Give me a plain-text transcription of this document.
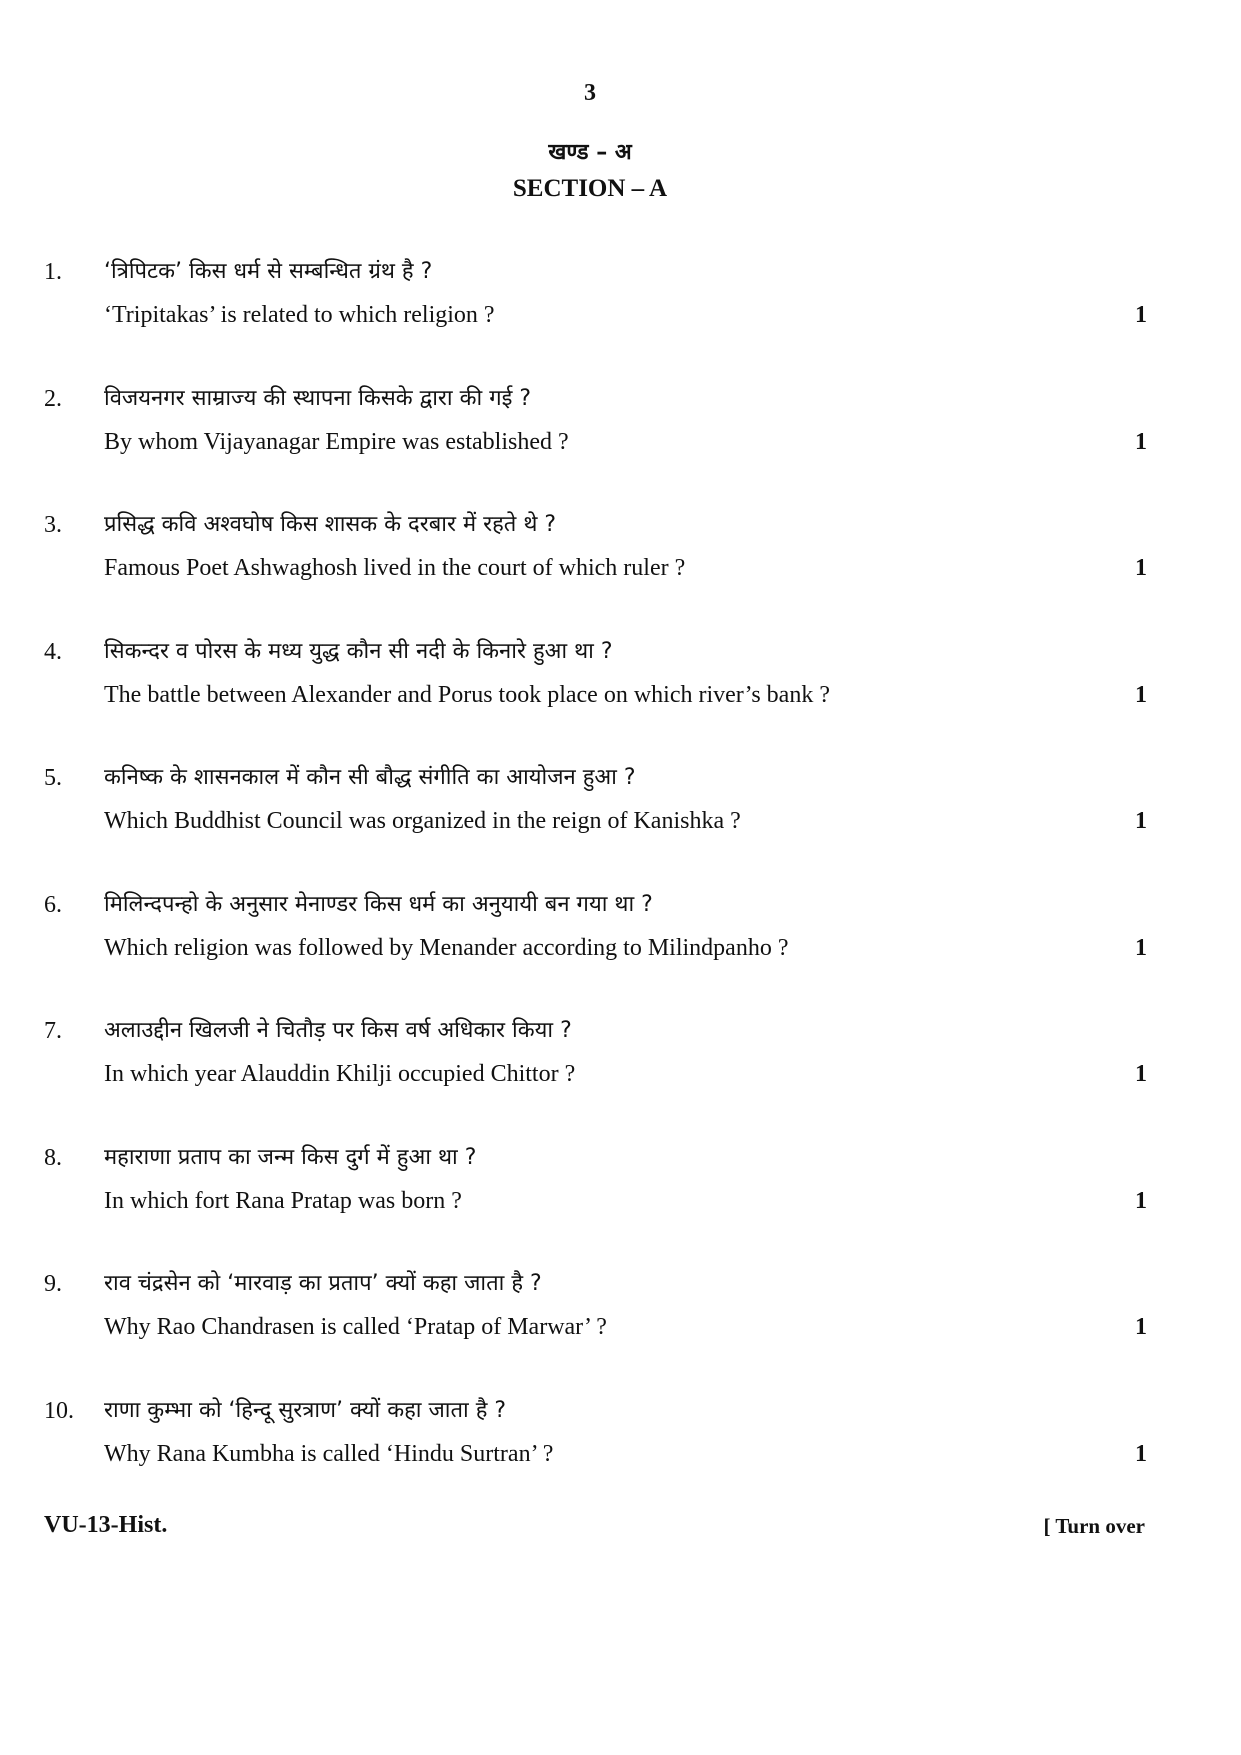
3
खण्ड – अ
SECTION – A
1. ‘त्रिपिटक’ किस धर्म से सम्बन्धित ग्रंथ है ?
‘Tripitakas’ is related to which religion ?	1
2. विजयनगर साम्राज्य की स्थापना किसके द्वारा की गई ?
By whom Vijayanagar Empire was established ?	1
3. प्रसिद्ध कवि अश्वघोष किस शासक के दरबार में रहते थे ?
Famous Poet Ashwaghosh lived in the court of which ruler ?	1
4. सिकन्दर व पोरस के मध्य युद्ध कौन सी नदी के किनारे हुआ था ?
The battle between Alexander and Porus took place on which river’s bank ?	1
5. कनिष्क के शासनकाल में कौन सी बौद्ध संगीति का आयोजन हुआ ?
Which Buddhist Council was organized in the reign of Kanishka ?	1
6. मिलिन्दपन्हो के अनुसार मेनाण्डर किस धर्म का अनुयायी बन गया था ?
Which religion was followed by Menander according to Milindpanho ?	1
7. अलाउद्दीन खिलजी ने चितौड़ पर किस वर्ष अधिकार किया ?
In which year Alauddin Khilji occupied Chittor ?	1
8. महाराणा प्रताप का जन्म किस दुर्ग में हुआ था ?
In which fort Rana Pratap was born ?	1
9. राव चंद्रसेन को ‘मारवाड़ का प्रताप’ क्यों कहा जाता है ?
Why Rao Chandrasen is called ‘Pratap of Marwar’ ?	1
10. राणा कुम्भा को ‘हिन्दू सुरत्राण’ क्यों कहा जाता है ?
Why Rana Kumbha is called ‘Hindu Surtran’ ?	1
VU-13-Hist.	[ Turn over
